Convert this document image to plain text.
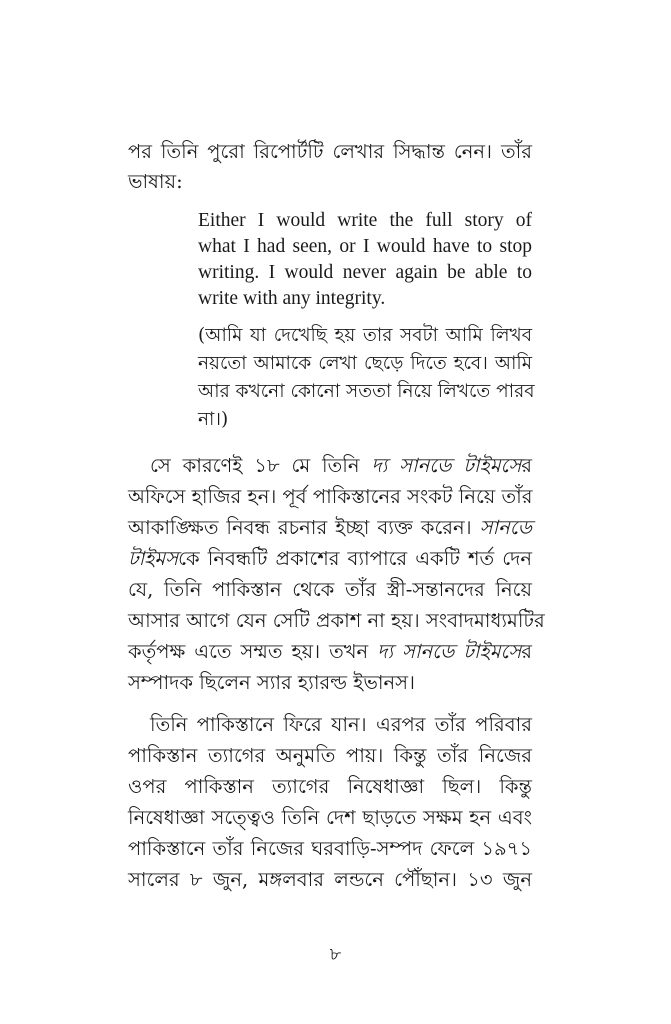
পর তিনি পুরো রিপোর্টটি লেখার সিদ্ধান্ত নেন। তাঁর
ভাষায়:
Either I would write the full story of
what I had seen, or I would have to stop
writing. I would never again be able to
write with any integrity.
(আমি যা দেখেছি হয় তার সবটা আমি লিখব
নয়তো আমাকে লেখা ছেড়ে দিতে হবে। আমি
আর কখনো কোনো সততা নিয়ে লিখতে পারব
না।)
সে কারণেই ১৮ মে তিনি দ্য সানডে টাইমসের
অফিসে হাজির হন। পূর্ব পাকিস্তানের সংকট নিয়ে তাঁর
আকাঙ্ক্ষিত নিবন্ধ রচনার ইচ্ছা ব্যক্ত করেন। সানডে
টাইমসকে নিবন্ধটি প্রকাশের ব্যাপারে একটি শর্ত দেন
যে, তিনি পাকিস্তান থেকে তাঁর স্ত্রী-সন্তানদের নিয়ে
আসার আগে যেন সেটি প্রকাশ না হয়। সংবাদমাধ্যমটির
কর্তৃপক্ষ এতে সম্মত হয়। তখন দ্য সানডে টাইমসের
সম্পাদক ছিলেন স্যার হ্যারল্ড ইভানস।
তিনি পাকিস্তানে ফিরে যান। এরপর তাঁর পরিবার
পাকিস্তান ত্যাগের অনুমতি পায়। কিন্তু তাঁর নিজের
ওপর পাকিস্তান ত্যাগের নিষেধাজ্ঞা ছিল। কিন্তু
নিষেধাজ্ঞা সত্ত্বেও তিনি দেশ ছাড়তে সক্ষম হন এবং
পাকিস্তানে তাঁর নিজের ঘরবাড়ি-সম্পদ ফেলে ১৯৭১
সালের ৮ জুন, মঙ্গলবার লন্ডনে পৌঁছান। ১৩ জুন
৮
